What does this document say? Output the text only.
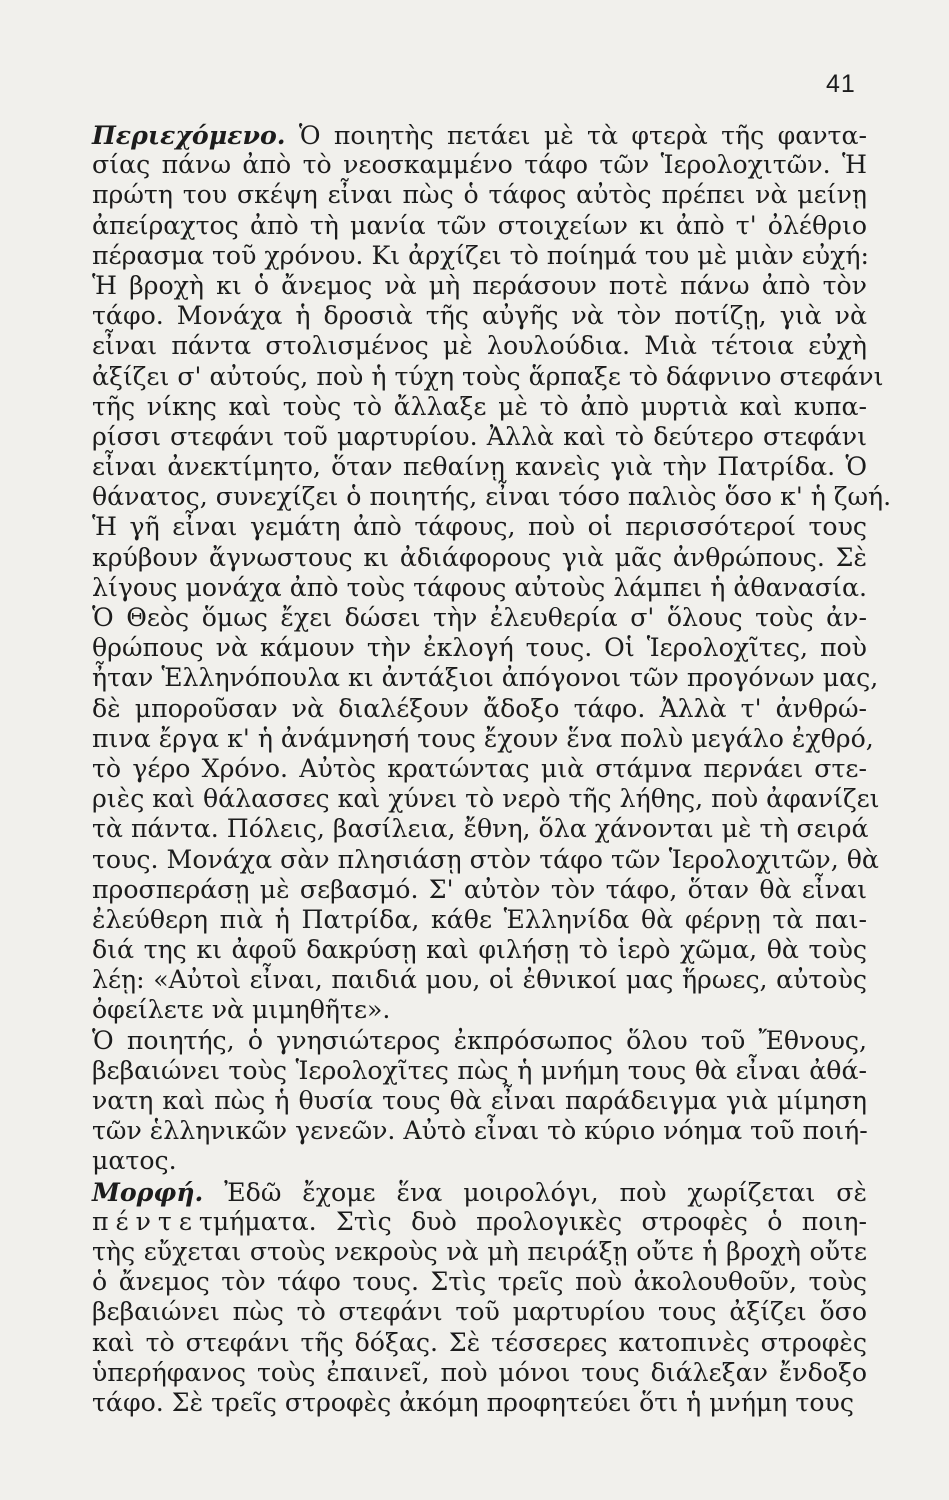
41
Περιεχόμενο. Ὁ ποιητὴς πετάει μὲ τὰ φτερὰ τῆς φαντα-
σίας πάνω ἀπὸ τὸ νεοσκαμμένο τάφο τῶν Ἱερολοχιτῶν. Ἡ
πρώτη του σκέψη εἶναι πὼς ὁ τάφος αὐτὸς πρέπει νὰ μείνῃ
ἀπείραχτος ἀπὸ τὴ μανία τῶν στοιχείων κι ἀπὸ τ' ὀλέθριο
πέρασμα τοῦ χρόνου. Κι ἀρχίζει τὸ ποίημά του μὲ μιὰν εὐχή:
Ἡ βροχὴ κι ὁ ἄνεμος νὰ μὴ περάσουν ποτὲ πάνω ἀπὸ τὸν
τάφο. Μονάχα ἡ δροσιὰ τῆς αὐγῆς νὰ τὸν ποτίζῃ, γιὰ νὰ
εἶναι πάντα στολισμένος μὲ λουλούδια. Μιὰ τέτοια εὐχὴ
ἀξίζει σ' αὐτούς, ποὺ ἡ τύχη τοὺς ἅρπαξε τὸ δάφνινο στεφάνι
τῆς νίκης καὶ τοὺς τὸ ἄλλαξε μὲ τὸ ἀπὸ μυρτιὰ καὶ κυπα-
ρίσσι στεφάνι τοῦ μαρτυρίου. Ἀλλὰ καὶ τὸ δεύτερο στεφάνι
εἶναι ἀνεκτίμητο, ὅταν πεθαίνῃ κανεὶς γιὰ τὴν Πατρίδα. Ὁ
θάνατος, συνεχίζει ὁ ποιητής, εἶναι τόσο παλιὸς ὅσο κ' ἡ ζωή.
Ἡ γῆ εἶναι γεμάτη ἀπὸ τάφους, ποὺ οἱ περισσότεροί τους
κρύβουν ἄγνωστους κι ἀδιάφορους γιὰ μᾶς ἀνθρώπους. Σὲ
λίγους μονάχα ἀπὸ τοὺς τάφους αὐτοὺς λάμπει ἡ ἀθανασία.
Ὁ Θεὸς ὅμως ἔχει δώσει τὴν ἐλευθερία σ' ὅλους τοὺς ἀν-
θρώπους νὰ κάμουν τὴν ἐκλογή τους. Οἱ Ἱερολοχῖτες, ποὺ
ἦταν Ἑλληνόπουλα κι ἀντάξιοι ἀπόγονοι τῶν προγόνων μας,
δὲ μποροῦσαν νὰ διαλέξουν ἄδοξο τάφο. Ἀλλὰ τ' ἀνθρώ-
πινα ἔργα κ' ἡ ἀνάμνησή τους ἔχουν ἕνα πολὺ μεγάλο ἐχθρό,
τὸ γέρο Χρόνο. Αὐτὸς κρατώντας μιὰ στάμνα περνάει στε-
ριὲς καὶ θάλασσες καὶ χύνει τὸ νερὸ τῆς λήθης, ποὺ ἀφανίζει
τὰ πάντα. Πόλεις, βασίλεια, ἔθνη, ὅλα χάνονται μὲ τὴ σειρά
τους. Μονάχα σὰν πλησιάσῃ στὸν τάφο τῶν Ἱερολοχιτῶν, θὰ
προσπεράσῃ μὲ σεβασμό. Σ' αὐτὸν τὸν τάφο, ὅταν θὰ εἶναι
ἐλεύθερη πιὰ ἡ Πατρίδα, κάθε Ἑλληνίδα θὰ φέρνῃ τὰ παι-
διά της κι ἀφοῦ δακρύσῃ καὶ φιλήσῃ τὸ ἱερὸ χῶμα, θὰ τοὺς
λέῃ: «Αὐτοὶ εἶναι, παιδιά μου, οἱ ἐθνικοί μας ἥρωες, αὐτοὺς
ὀφείλετε νὰ μιμηθῆτε».
Ὁ ποιητής, ὁ γνησιώτερος ἐκπρόσωπος ὅλου τοῦ Ἔθνους,
βεβαιώνει τοὺς Ἱερολοχῖτες πὼς ἡ μνήμη τους θὰ εἶναι ἀθά-
νατη καὶ πὼς ἡ θυσία τους θὰ εἶναι παράδειγμα γιὰ μίμηση
τῶν ἑλληνικῶν γενεῶν. Αὐτὸ εἶναι τὸ κύριο νόημα τοῦ ποιή-
ματος.
Μορφή. Ἐδῶ ἔχομε ἕνα μοιρολόγι, ποὺ χωρίζεται σὲ
πέντετμήματα. Στὶς δυὸ προλογικὲς στροφὲς ὁ ποιη-
τὴς εὔχεται στοὺς νεκροὺς νὰ μὴ πειράξῃ οὔτε ἡ βροχὴ οὔτε
ὁ ἄνεμος τὸν τάφο τους. Στὶς τρεῖς ποὺ ἀκολουθοῦν, τοὺς
βεβαιώνει πὼς τὸ στεφάνι τοῦ μαρτυρίου τους ἀξίζει ὅσο
καὶ τὸ στεφάνι τῆς δόξας. Σὲ τέσσερες κατοπινὲς στροφὲς
ὑπερήφανος τοὺς ἐπαινεῖ, ποὺ μόνοι τους διάλεξαν ἔνδοξο
τάφο. Σὲ τρεῖς στροφὲς ἀκόμη προφητεύει ὅτι ἡ μνήμη τους
